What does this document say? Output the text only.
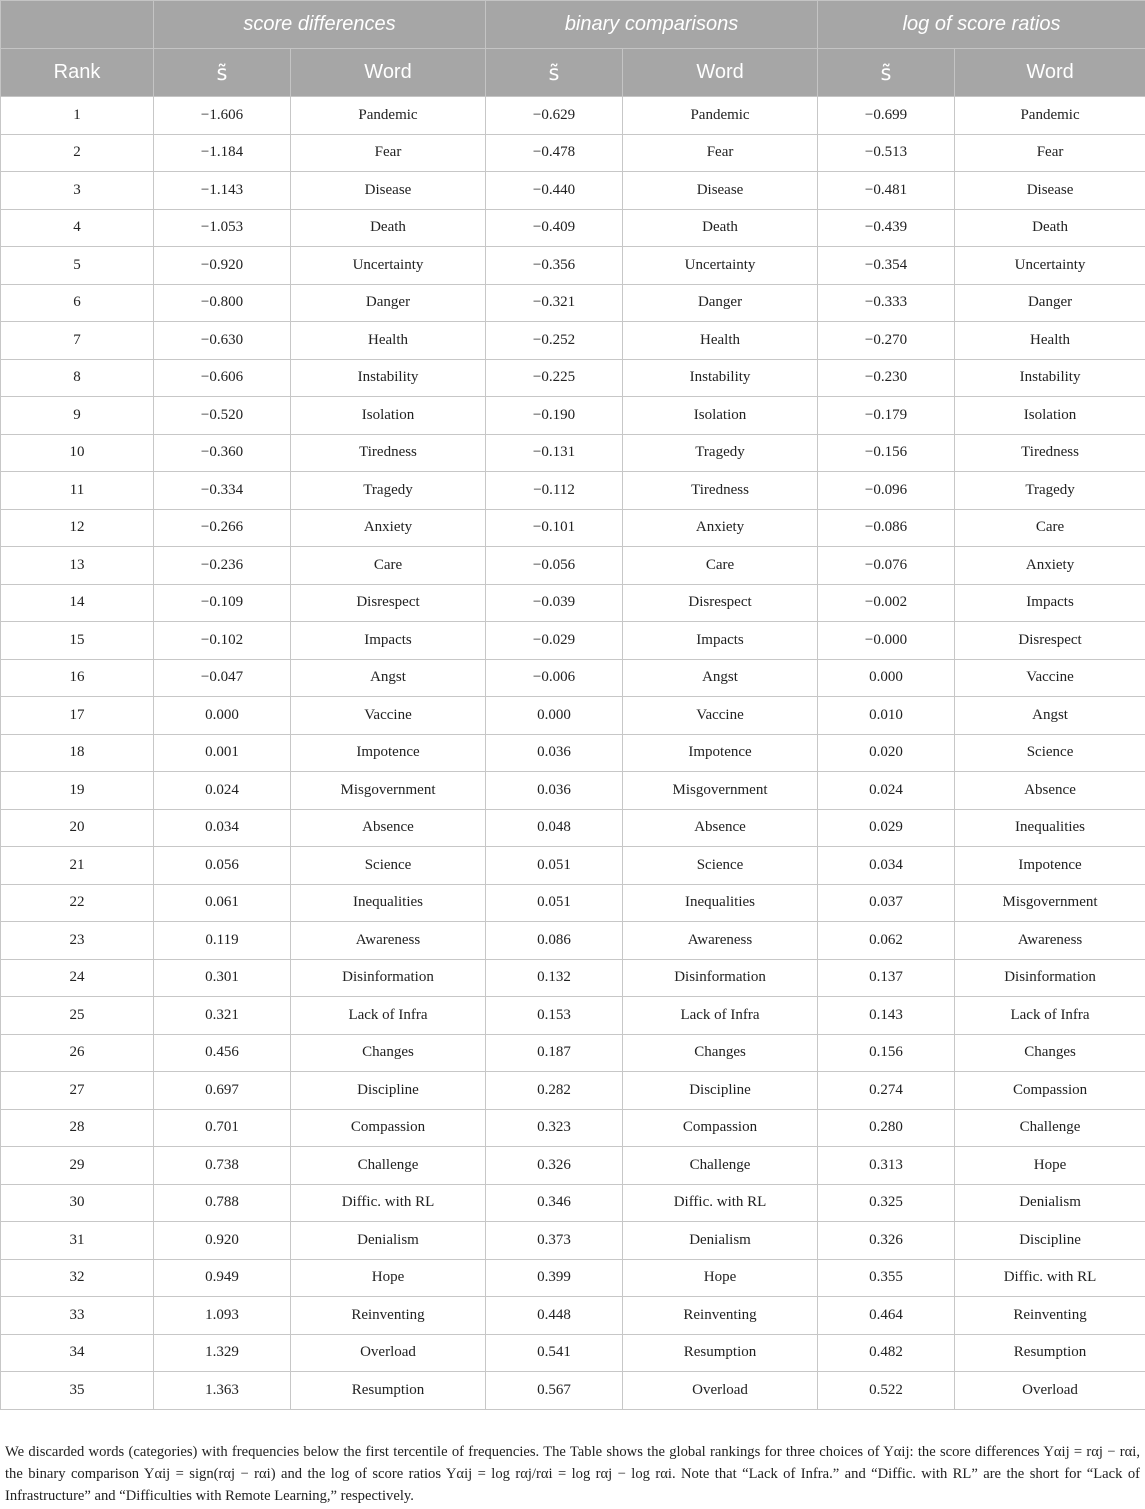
	score differences		binary comparisons		log of score ratios	
Rank	s̃	Word	s̃	Word	s̃	Word
1	−1.606	Pandemic	−0.629	Pandemic	−0.699	Pandemic
2	−1.184	Fear	−0.478	Fear	−0.513	Fear
3	−1.143	Disease	−0.440	Disease	−0.481	Disease
4	−1.053	Death	−0.409	Death	−0.439	Death
5	−0.920	Uncertainty	−0.356	Uncertainty	−0.354	Uncertainty
6	−0.800	Danger	−0.321	Danger	−0.333	Danger
7	−0.630	Health	−0.252	Health	−0.270	Health
8	−0.606	Instability	−0.225	Instability	−0.230	Instability
9	−0.520	Isolation	−0.190	Isolation	−0.179	Isolation
10	−0.360	Tiredness	−0.131	Tragedy	−0.156	Tiredness
11	−0.334	Tragedy	−0.112	Tiredness	−0.096	Tragedy
12	−0.266	Anxiety	−0.101	Anxiety	−0.086	Care
13	−0.236	Care	−0.056	Care	−0.076	Anxiety
14	−0.109	Disrespect	−0.039	Disrespect	−0.002	Impacts
15	−0.102	Impacts	−0.029	Impacts	−0.000	Disrespect
16	−0.047	Angst	−0.006	Angst	0.000	Vaccine
17	0.000	Vaccine	0.000	Vaccine	0.010	Angst
18	0.001	Impotence	0.036	Impotence	0.020	Science
19	0.024	Misgovernment	0.036	Misgovernment	0.024	Absence
20	0.034	Absence	0.048	Absence	0.029	Inequalities
21	0.056	Science	0.051	Science	0.034	Impotence
22	0.061	Inequalities	0.051	Inequalities	0.037	Misgovernment
23	0.119	Awareness	0.086	Awareness	0.062	Awareness
24	0.301	Disinformation	0.132	Disinformation	0.137	Disinformation
25	0.321	Lack of Infra	0.153	Lack of Infra	0.143	Lack of Infra
26	0.456	Changes	0.187	Changes	0.156	Changes
27	0.697	Discipline	0.282	Discipline	0.274	Compassion
28	0.701	Compassion	0.323	Compassion	0.280	Challenge
29	0.738	Challenge	0.326	Challenge	0.313	Hope
30	0.788	Diffic. with RL	0.346	Diffic. with RL	0.325	Denialism
31	0.920	Denialism	0.373	Denialism	0.326	Discipline
32	0.949	Hope	0.399	Hope	0.355	Diffic. with RL
33	1.093	Reinventing	0.448	Reinventing	0.464	Reinventing
34	1.329	Overload	0.541	Resumption	0.482	Resumption
35	1.363	Resumption	0.567	Overload	0.522	Overload

We discarded words (categories) with frequencies below the first tercentile of frequencies. The Table shows the global rankings for three choices of Yαij: the score differences Yαij = rαj − rαi, the binary comparison Yαij = sign(rαj − rαi) and the log of score ratios Yαij = log rαj/rαi = log rαj − log rαi. Note that “Lack of Infra.” and “Diffic. with RL” are the short for “Lack of Infrastructure” and “Difficulties with Remote Learning,” respectively.
